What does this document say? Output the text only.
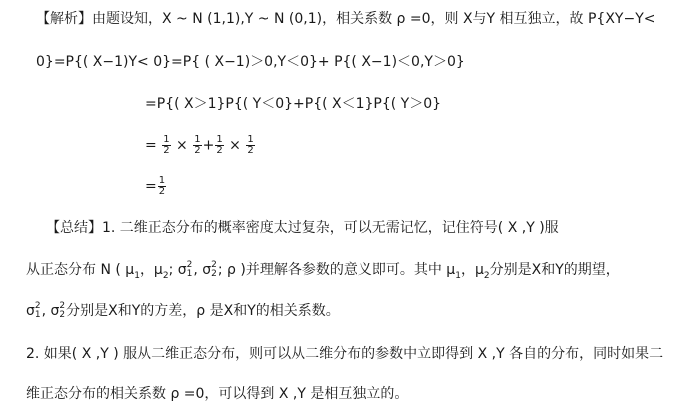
【解析】由题设知，X ~ N (1,1),Y ~ N (0,1)，相关系数 ρ =0，则 X与Y 相互独立，故 P{XY−Y<
0}=P{( X−1)Y< 0}=P{ ( X−1)＞0,Y＜0}+ P{( X−1)＜0,Y＞0}
=P{( X＞1}P{( Y＜0}+P{( X＜1}P{( Y＞0}
= $\frac{1}{2} \times \frac{1}{2} + \frac{1}{2} \times \frac{1}{2}$
= $\frac{1}{2}$
【总结】1. 二维正态分布的概率密度太过复杂，可以无需记忆，记住符号( X ,Y )服
从正态分布 N ( $\mu_1$，$\mu_2$; σ 2
1 , σ 2
2 ; ρ )并理解各参数的意义即可。其中 $\mu_1$，$\mu_2$分别是X和Y的期望，
σ 2
1 , σ 2
2 分别是X和Y的方差，ρ 是X和Y的相关系数。
2. 如果( X ,Y ) 服从二维正态分布，则可以从二维分布的参数中立即得到 X ,Y 各自的分布，同时如果二
维正态分布的相关系数 ρ =0，可以得到 X ,Y 是相互独立的。
